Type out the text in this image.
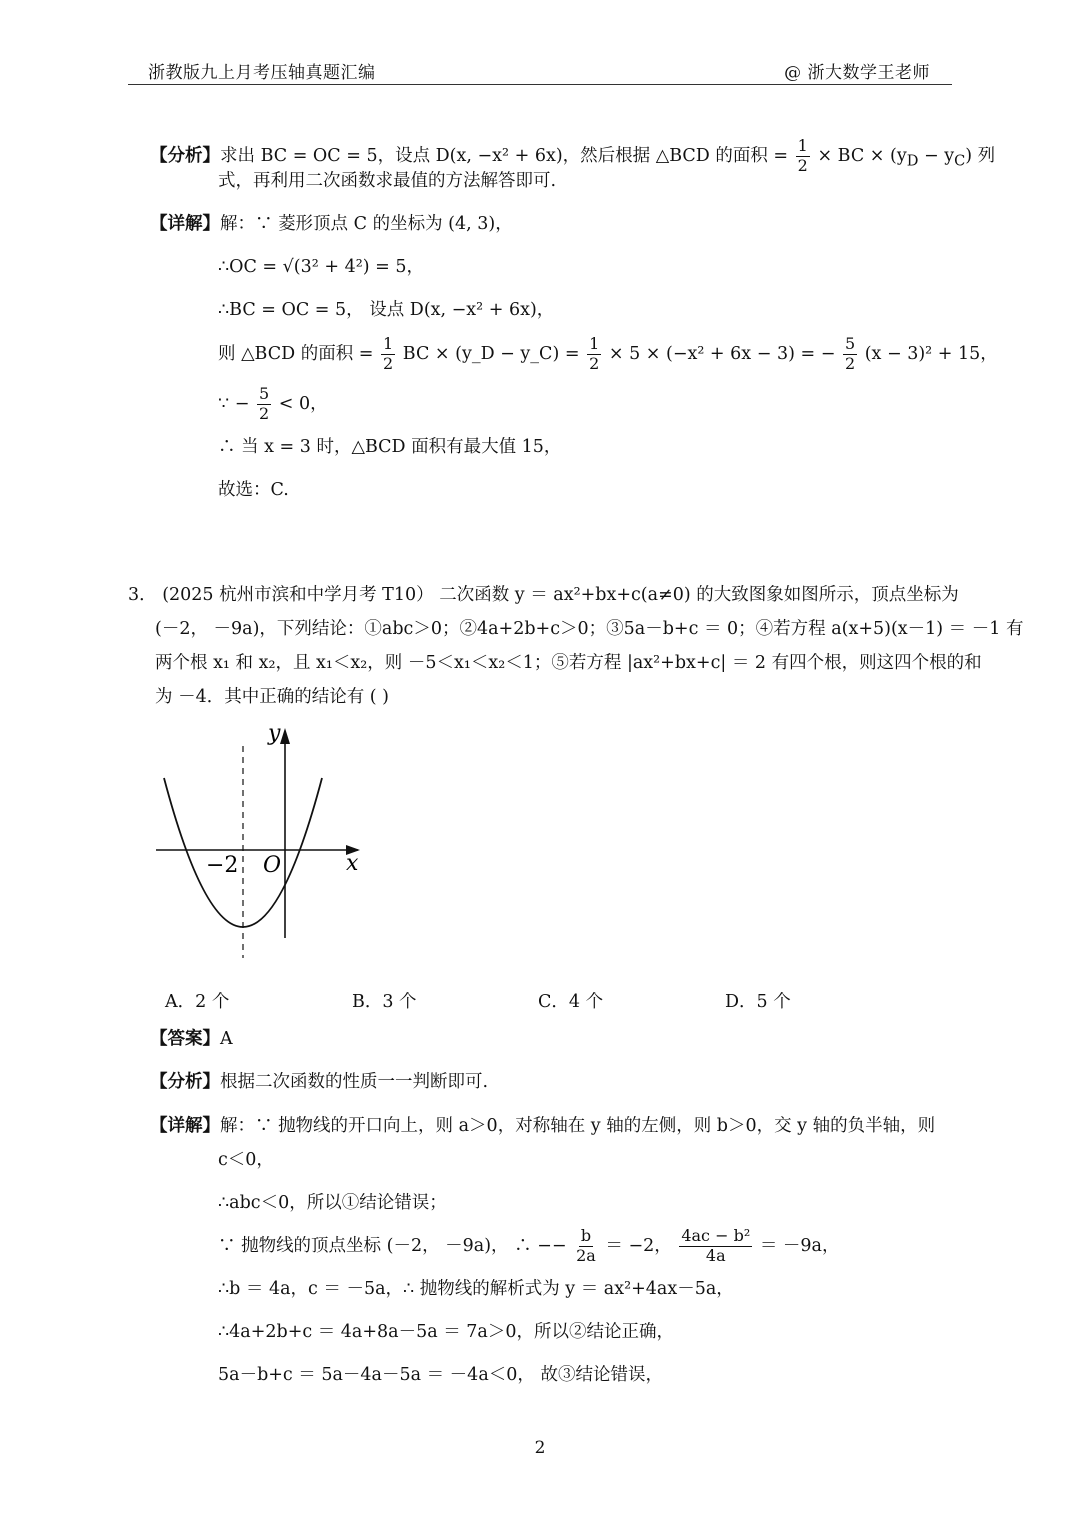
浙教版九上月考压轴真题汇编	@ 浙大数学王老师
【分析】求出 BC = OC = 5，设点 D(x, −x² + 6x)，然后根据 △BCD 的面积 = $\frac{1}{2}$ × BC × $(y_D - y_C)$ 列
式，再利用二次函数求最值的方法解答即可.
【详解】解：∵ 菱形顶点 C 的坐标为 (4, 3)，
∴OC = √(3² + 4²) = 5，
∴BC = OC = 5， 设点 D(x, −x² + 6x)，
则 △BCD 的面积 = $\frac{1}{2}$ BC × (y_D − y_C) = $\frac{1}{2} \times 5 \times (-x^2 + 6x - 3)$ = − $\frac{5}{2} (x - 3)^2 + 15$，
∵ − $\frac{5}{2} < 0$，
∴ 当 x = 3 时，△BCD 面积有最大值 15，
故选：C.
3． (2025 杭州市滨和中学月考 T10） 二次函数 y ＝ ax²+bx+c(a≠0) 的大致图象如图所示，顶点坐标为
(－2， －9a)，下列结论：①abc＞0；②4a+2b+c＞0；③5a－b+c ＝ 0；④若方程 a(x+5)(x－1) ＝ －1 有
两个根 x₁ 和 x₂，且 x₁＜x₂，则 －5＜x₁＜x₂＜1；⑤若方程 |ax²+bx+c| ＝ 2 有四个根，则这四个根的和
为 －4．其中正确的结论有 ( )
y
x
−2 O
A．2 个	B．3 个	C．4 个	D．5 个
【答案】A
【分析】根据二次函数的性质一一判断即可.
【详解】解：∵ 抛物线的开口向上，则 a＞0，对称轴在 y 轴的左侧，则 b＞0，交 y 轴的负半轴，则
c＜0，
∴abc＜0，所以①结论错误；
∵ 抛物线的顶点坐标 (－2， －9a)， ∴ −− $\frac{b}{2a} = -2$， $\frac{\text{4ac − b²}}{4a} = -9a$，
∴b ＝ 4a，c ＝ －5a，∴ 抛物线的解析式为 y ＝ ax²+4ax－5a，
∴4a+2b+c ＝ 4a+8a－5a ＝ 7a＞0，所以②结论正确，
5a－b+c ＝ 5a－4a－5a ＝ －4a＜0， 故③结论错误，
2
